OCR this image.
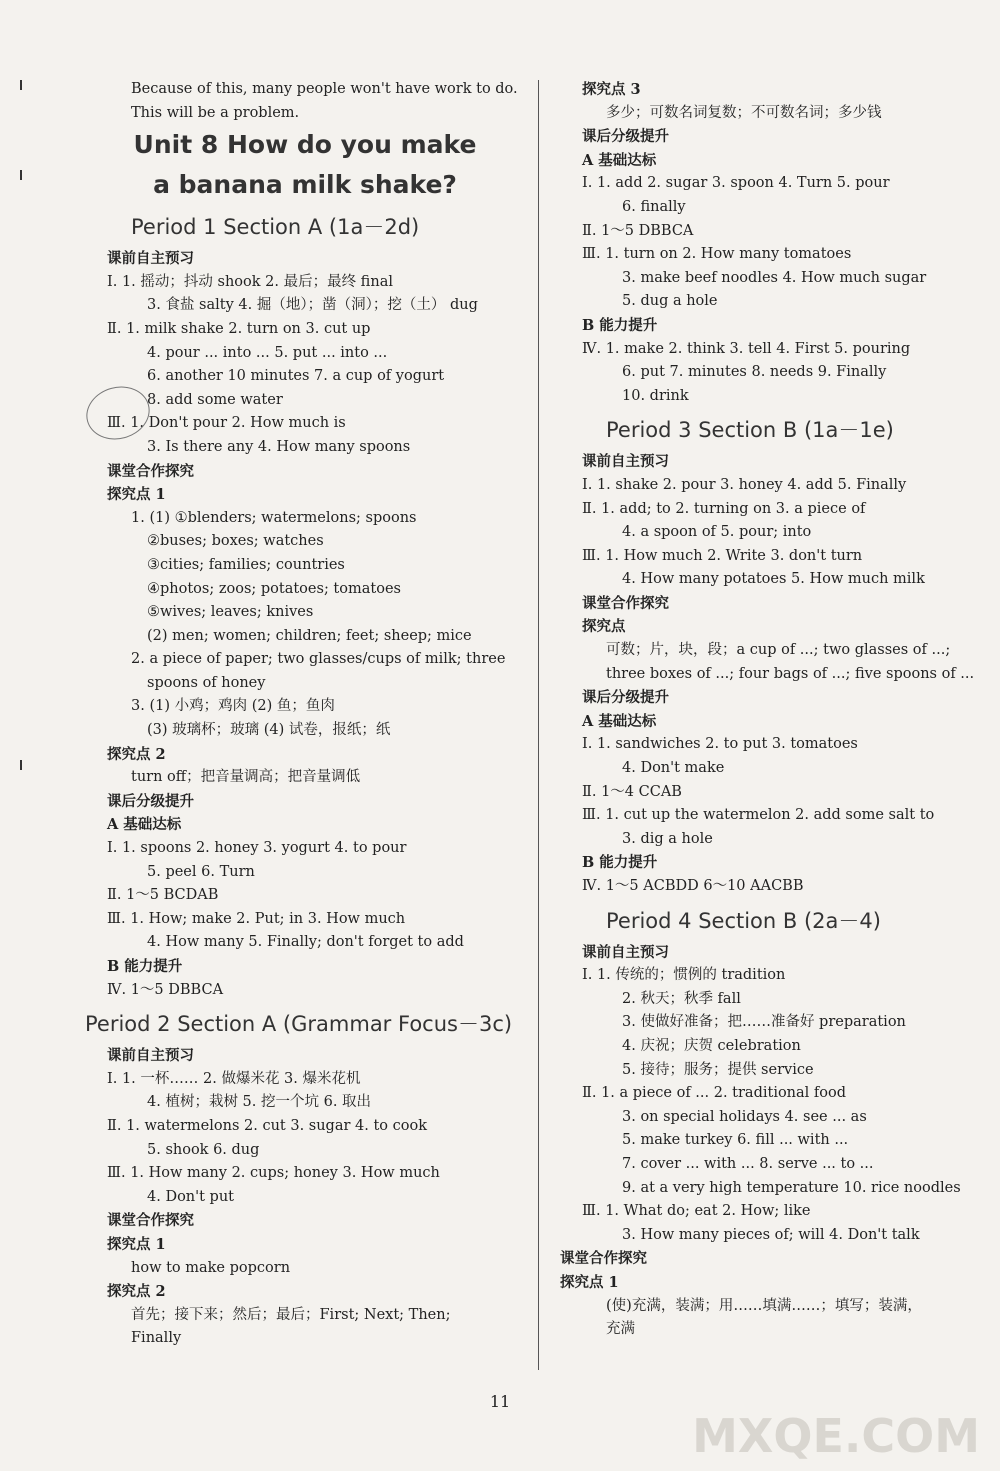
Because of this, many people won't have work to do.
This will be a problem.
Unit 8 How do you make
a banana milk shake?
Period 1 Section A (1a－2d)
课前自主预习
Ⅰ. 1. 摇动；抖动 shook 2. 最后；最终 final
3. 食盐 salty 4. 掘（地）；凿（洞）；挖（土） dug
Ⅱ. 1. milk shake 2. turn on 3. cut up
4. pour ... into ... 5. put ... into ...
6. another 10 minutes 7. a cup of yogurt
8. add some water
Ⅲ. 1. Don't pour 2. How much is
3. Is there any 4. How many spoons
课堂合作探究
探究点 1
1. (1) ①blenders; watermelons; spoons
②buses; boxes; watches
③cities; families; countries
④photos; zoos; potatoes; tomatoes
⑤wives; leaves; knives
(2) men; women; children; feet; sheep; mice
2. a piece of paper; two glasses/cups of milk; three
spoons of honey
3. (1) 小鸡；鸡肉 (2) 鱼；鱼肉
(3) 玻璃杯；玻璃 (4) 试卷，报纸；纸
探究点 2
turn off；把音量调高；把音量调低
课后分级提升
A 基础达标
Ⅰ. 1. spoons 2. honey 3. yogurt 4. to pour
5. peel 6. Turn
Ⅱ. 1～5 BCDAB
Ⅲ. 1. How; make 2. Put; in 3. How much
4. How many 5. Finally; don't forget to add
B 能力提升
Ⅳ. 1～5 DBBCA
Period 2 Section A (Grammar Focus－3c)
课前自主预习
Ⅰ. 1. 一杯…… 2. 做爆米花 3. 爆米花机
4. 植树；栽树 5. 挖一个坑 6. 取出
Ⅱ. 1. watermelons 2. cut 3. sugar 4. to cook
5. shook 6. dug
Ⅲ. 1. How many 2. cups; honey 3. How much
4. Don't put
课堂合作探究
探究点 1
how to make popcorn
探究点 2
首先；接下来；然后；最后；First; Next; Then;
Finally
探究点 3
多少；可数名词复数；不可数名词；多少钱
课后分级提升
A 基础达标
Ⅰ. 1. add 2. sugar 3. spoon 4. Turn 5. pour
6. finally
Ⅱ. 1～5 DBBCA
Ⅲ. 1. turn on 2. How many tomatoes
3. make beef noodles 4. How much sugar
5. dug a hole
B 能力提升
Ⅳ. 1. make 2. think 3. tell 4. First 5. pouring
6. put 7. minutes 8. needs 9. Finally
10. drink
Period 3 Section B (1a－1e)
课前自主预习
Ⅰ. 1. shake 2. pour 3. honey 4. add 5. Finally
Ⅱ. 1. add; to 2. turning on 3. a piece of
4. a spoon of 5. pour; into
Ⅲ. 1. How much 2. Write 3. don't turn
4. How many potatoes 5. How much milk
课堂合作探究
探究点
可数；片，块，段；a cup of ...; two glasses of ...;
three boxes of ...; four bags of ...; five spoons of ...
课后分级提升
A 基础达标
Ⅰ. 1. sandwiches 2. to put 3. tomatoes
4. Don't make
Ⅱ. 1～4 CCAB
Ⅲ. 1. cut up the watermelon 2. add some salt to
3. dig a hole
B 能力提升
Ⅳ. 1～5 ACBDD 6～10 AACBB
Period 4 Section B (2a－4)
课前自主预习
Ⅰ. 1. 传统的；惯例的 tradition
2. 秋天；秋季 fall
3. 使做好准备；把……准备好 preparation
4. 庆祝；庆贺 celebration
5. 接待；服务；提供 service
Ⅱ. 1. a piece of ... 2. traditional food
3. on special holidays 4. see ... as
5. make turkey 6. fill ... with ...
7. cover ... with ... 8. serve ... to ...
9. at a very high temperature 10. rice noodles
Ⅲ. 1. What do; eat 2. How; like
3. How many pieces of; will 4. Don't talk
课堂合作探究
探究点 1
(使)充满，装满；用……填满……；填写；装满，
充满
11
MXQE.COM
